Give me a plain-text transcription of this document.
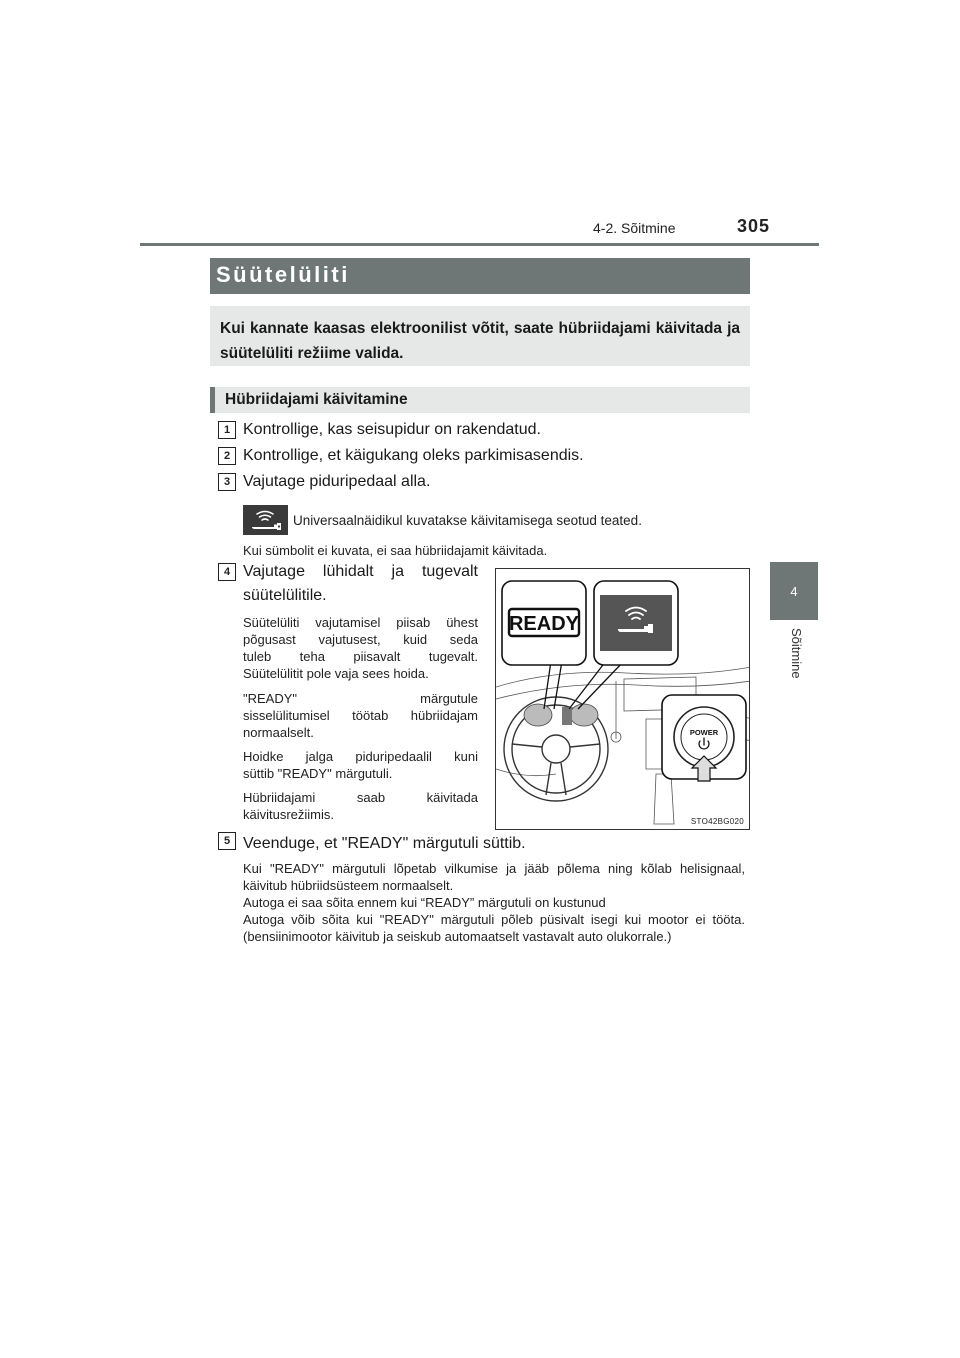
4-2. Sõitmine	305
4
Sõitmine
Süütelüliti
Kui kannate kaasas elektroonilist võtit, saate hübriidajami käivitada ja süütelüliti režiime valida.
Hübriidajami käivitamine
1 Kontrollige, kas seisupidur on rakendatud.
2 Kontrollige, et käigukang oleks parkimisasendis.
3 Vajutage piduripedaal alla.
Universaalnäidikul kuvatakse käivitamisega seotud teated.
Kui sümbolit ei kuvata, ei saa hübriidajamit käivitada.
4 Vajutage lühidalt ja tugevalt
süütelülitile.
Süütelüliti vajutamisel piisab ühest
põgusast vajutusest, kuid seda
tuleb teha piisavalt tugevalt.
Süütelülitit pole vaja sees hoida.
"READY" märgutule
sisselülitumisel töötab hübriidajam
normaalselt.
Hoidke jalga piduripedaalil kuni
süttib "READY" märgutuli.
Hübriidajami saab käivitada
käivitusrežiimis.
READY
POWER
STO42BG020
5 Veenduge, et "READY" märgutuli süttib.
Kui "READY" märgutuli lõpetab vilkumise ja jääb põlema ning kõlab helisignaal, käivitub hübriidsüsteem normaalselt.
Autoga ei saa sõita ennem kui “READY” märgutuli on kustunud
Autoga võib sõita kui "READY" märgutuli põleb püsivalt isegi kui mootor ei tööta. (bensiinimootor käivitub ja seiskub automaatselt vastavalt auto olukorrale.)
